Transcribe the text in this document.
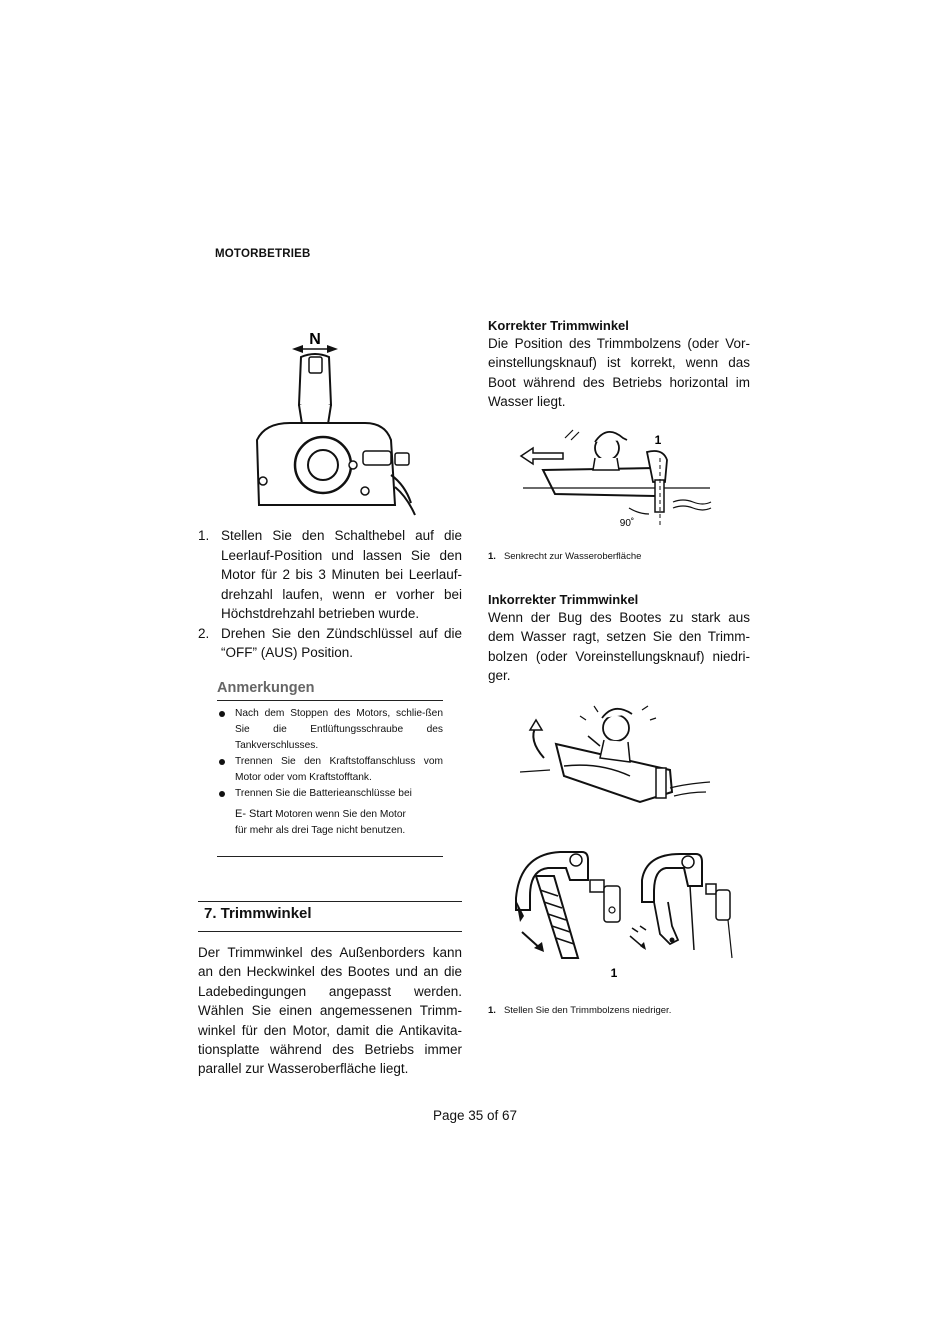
MOTORBETRIEB
N
1. Stellen Sie den Schalthebel auf die Leerlauf-Position und lassen Sie den Motor für 2 bis 3 Minuten bei Leerlauf-drehzahl laufen, wenn er vorher bei Höchstdrehzahl betrieben wurde.
2. Drehen Sie den Zündschlüssel auf die “OFF” (AUS) Position.
Anmerkungen
Nach dem Stoppen des Motors, schlie-ßen Sie die Entlüftungsschraube des Tankverschlusses.
Trennen Sie den Kraftstoffanschluss vom Motor oder vom Kraftstofftank.
Trennen Sie die Batterieanschlüsse bei
E- Start Motoren wenn Sie den Motor
für mehr als drei Tage nicht benutzen.
7. Trimmwinkel
Der Trimmwinkel des Außenborders kann an den Heckwinkel des Bootes und an die Ladebedingungen angepasst werden. Wählen Sie einen angemessenen Trimm-winkel für den Motor, damit die Antikavita-tionsplatte während des Betriebs immer parallel zur Wasseroberfläche liegt.
Korrekter Trimmwinkel
Die Position des Trimmbolzens (oder Vor-einstellungsknauf) ist korrekt, wenn das Boot während des Betriebs horizontal im Wasser liegt.
1
90˚
1. Senkrecht zur Wasseroberfläche
Inkorrekter Trimmwinkel
Wenn der Bug des Bootes zu stark aus dem Wasser ragt, setzen Sie den Trimm-bolzen (oder Voreinstellungsknauf) niedri-ger.
1
1. Stellen Sie den Trimmbolzens niedriger.
Page 35 of 67
